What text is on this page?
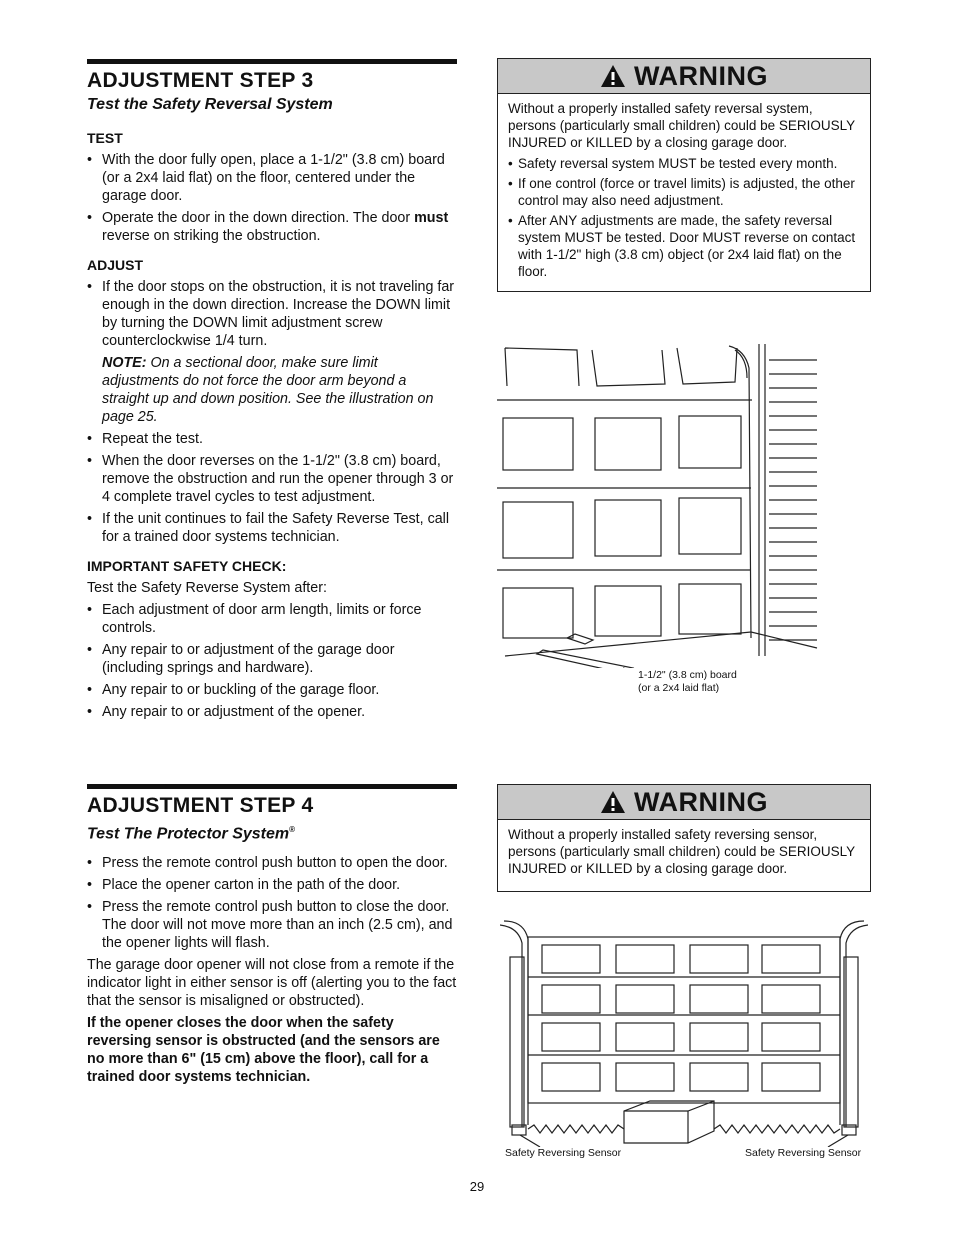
ADJUSTMENT STEP 3
Test the Safety Reversal System
TEST
• With the door fully open, place a 1-1/2" (3.8 cm) board (or a 2x4 laid flat) on the floor, centered under the garage door.
• Operate the door in the down direction. The door must reverse on striking the obstruction.
ADJUST
• If the door stops on the obstruction, it is not traveling far enough in the down direction. Increase the DOWN limit by turning the DOWN limit adjustment screw counterclockwise 1/4 turn.
NOTE: On a sectional door, make sure limit adjustments do not force the door arm beyond a straight up and down position. See the illustration on page 25.
• Repeat the test.
• When the door reverses on the 1-1/2" (3.8 cm) board, remove the obstruction and run the opener through 3 or 4 complete travel cycles to test adjustment.
• If the unit continues to fail the Safety Reverse Test, call for a trained door systems technician.
IMPORTANT SAFETY CHECK:
Test the Safety Reverse System after:
• Each adjustment of door arm length, limits or force controls.
• Any repair to or adjustment of the garage door (including springs and hardware).
• Any repair to or buckling of the garage floor.
• Any repair to or adjustment of the opener.
ADJUSTMENT STEP 4
Test The Protector System®
• Press the remote control push button to open the door.
• Place the opener carton in the path of the door.
• Press the remote control push button to close the door. The door will not move more than an inch (2.5 cm), and the opener lights will flash.
The garage door opener will not close from a remote if the indicator light in either sensor is off (alerting you to the fact that the sensor is misaligned or obstructed).
If the opener closes the door when the safety reversing sensor is obstructed (and the sensors are no more than 6" (15 cm) above the floor), call for a trained door systems technician.
WARNING

Without a properly installed safety reversal system, persons (particularly small children) could be SERIOUSLY INJURED or KILLED by a closing garage door.

• Safety reversal system MUST be tested every month.
• If one control (force or travel limits) is adjusted, the other control may also need adjustment.
• After ANY adjustments are made, the safety reversal system MUST be tested. Door MUST reverse on contact with 1-1/2" high (3.8 cm) object (or 2x4 laid flat) on the floor.
1-1/2" (3.8 cm) board
(or a 2x4 laid flat)
WARNING

Without a properly installed safety reversing sensor, persons (particularly small children) could be SERIOUSLY INJURED or KILLED by a closing garage door.

Safety Reversing Sensor	Safety Reversing Sensor
29
